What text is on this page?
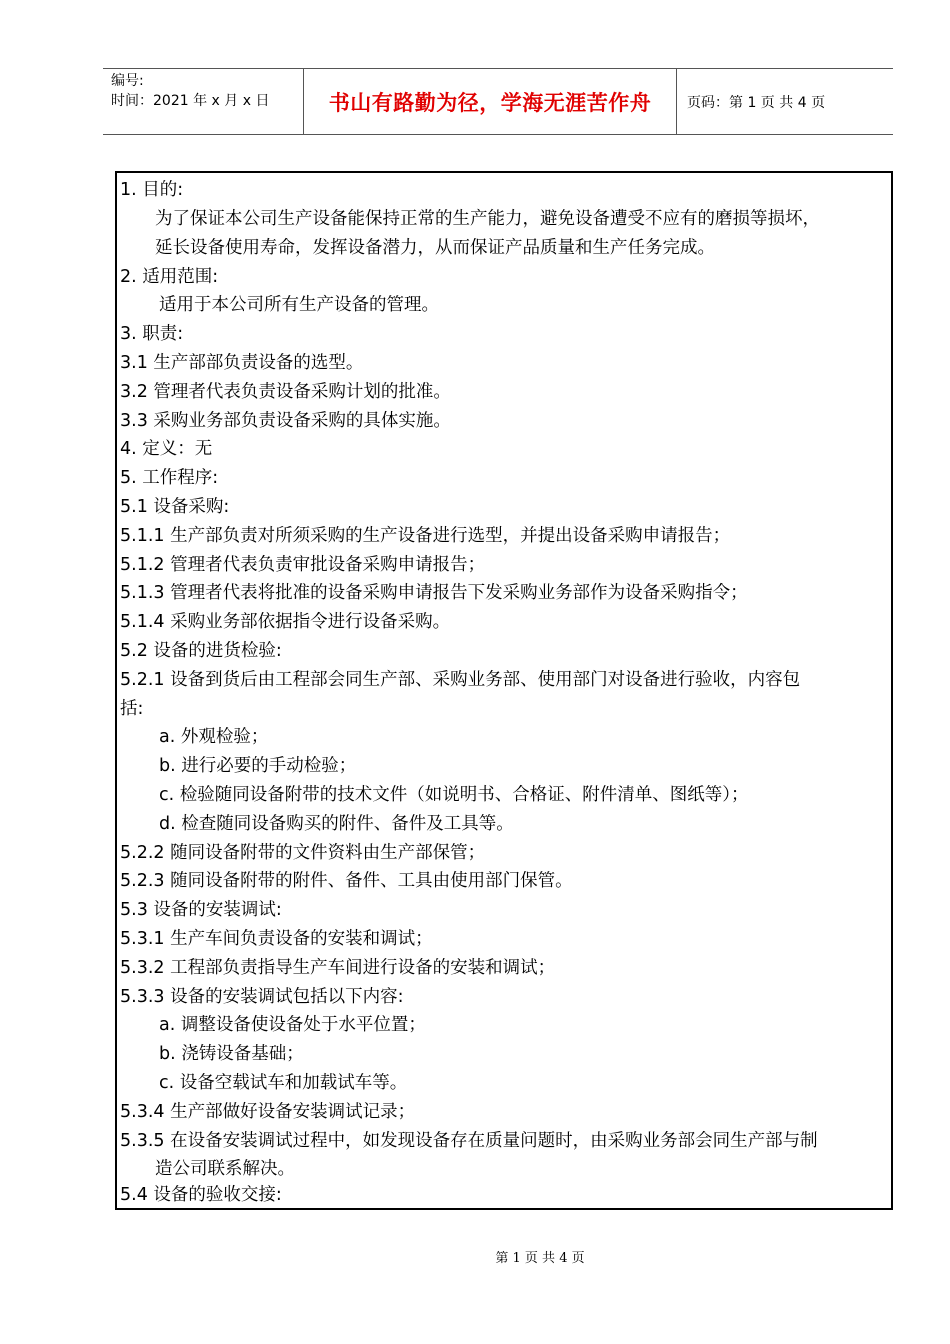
编号:
时间：2021 年 x 月 x 日	书山有路勤为径，学海无涯苦作舟	页码：第 1 页 共 4 页
1. 目的:
为了保证本公司生产设备能保持正常的生产能力，避免设备遭受不应有的磨损等损坏，
延长设备使用寿命，发挥设备潜力，从而保证产品质量和生产任务完成。
2. 适用范围:
适用于本公司所有生产设备的管理。
3. 职责:
3.1 生产部部负责设备的选型。
3.2 管理者代表负责设备采购计划的批准。
3.3 采购业务部负责设备采购的具体实施。
4. 定义：无
5. 工作程序:
5.1 设备采购:
5.1.1 生产部负责对所须采购的生产设备进行选型，并提出设备采购申请报告；
5.1.2 管理者代表负责审批设备采购申请报告；
5.1.3 管理者代表将批准的设备采购申请报告下发采购业务部作为设备采购指令；
5.1.4 采购业务部依据指令进行设备采购。
5.2 设备的进货检验:
5.2.1 设备到货后由工程部会同生产部、采购业务部、使用部门对设备进行验收，内容包
括:
a. 外观检验；
b. 进行必要的手动检验；
c. 检验随同设备附带的技术文件（如说明书、合格证、附件清单、图纸等）；
d. 检查随同设备购买的附件、备件及工具等。
5.2.2 随同设备附带的文件资料由生产部保管；
5.2.3 随同设备附带的附件、备件、工具由使用部门保管。
5.3 设备的安装调试:
5.3.1 生产车间负责设备的安装和调试；
5.3.2 工程部负责指导生产车间进行设备的安装和调试；
5.3.3 设备的安装调试包括以下内容:
a. 调整设备使设备处于水平位置；
b. 浇铸设备基础；
c. 设备空载试车和加载试车等。
5.3.4 生产部做好设备安装调试记录；
5.3.5 在设备安装调试过程中，如发现设备存在质量问题时，由采购业务部会同生产部与制
造公司联系解决。
5.4 设备的验收交接:
第 1 页 共 4 页
